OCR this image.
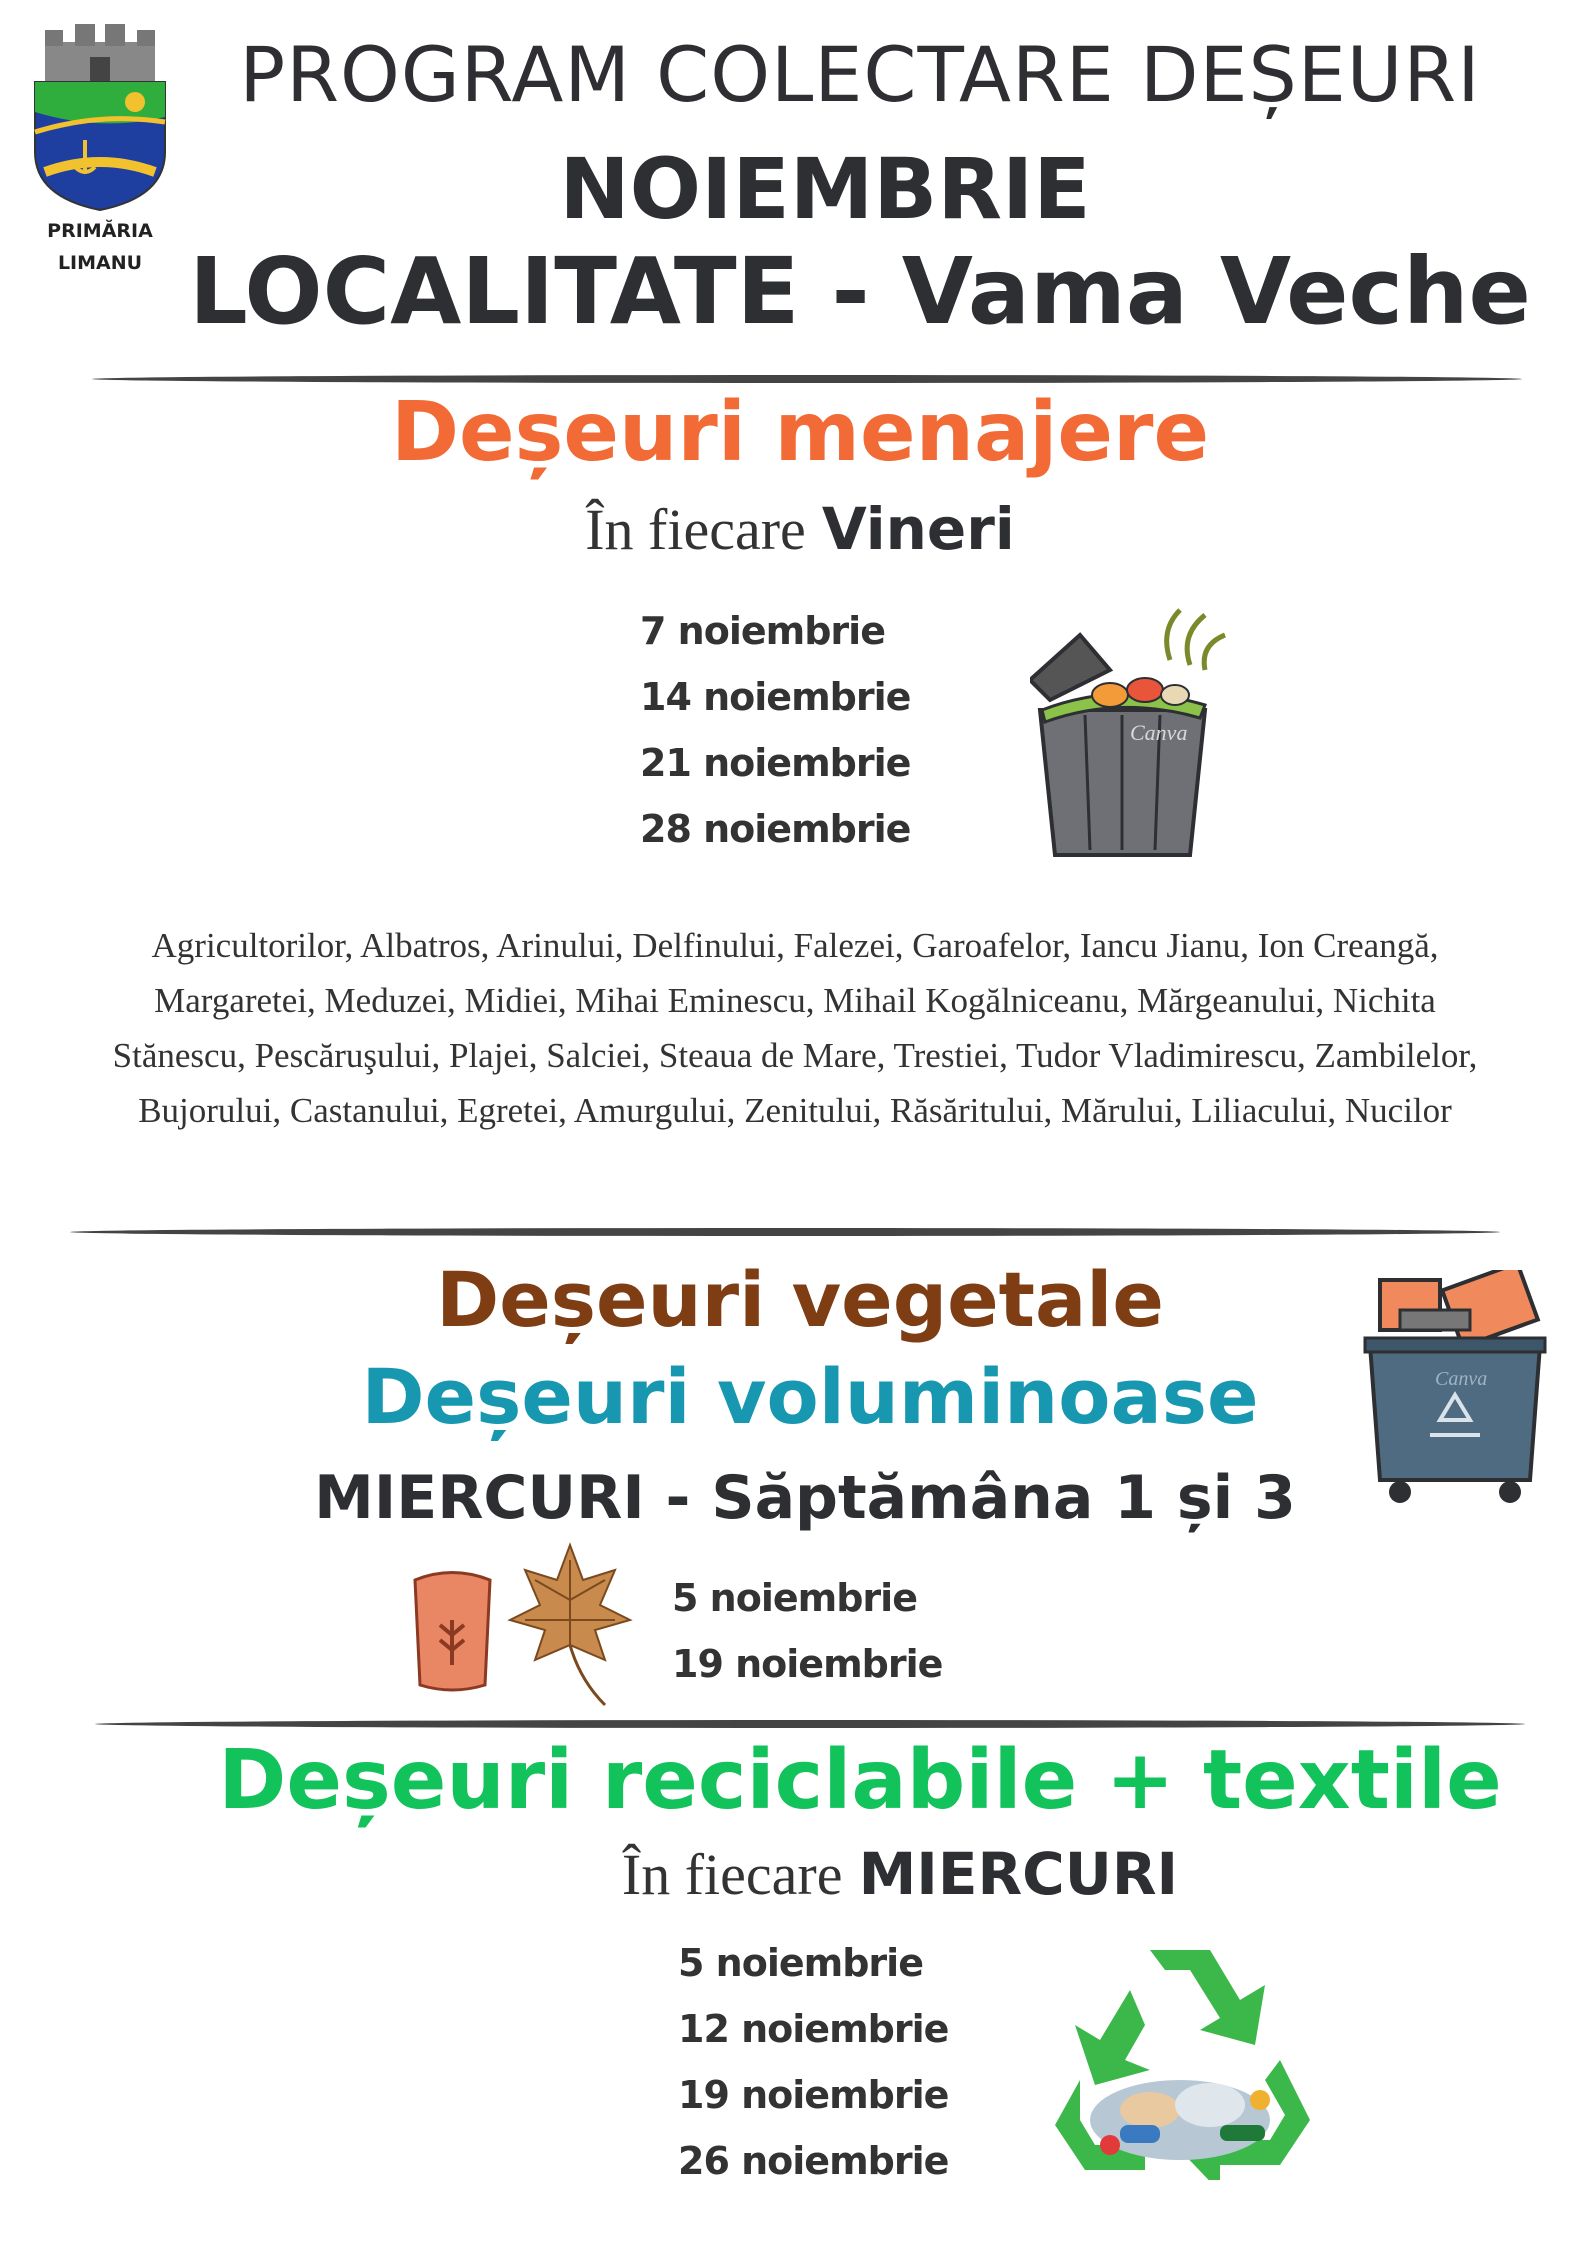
PRIMĂRIA
LIMANU
PROGRAM COLECTARE DEȘEURI
NOIEMBRIE
LOCALITATE - Vama Veche
Deșeuri menajere
În fiecare Vineri
7 noiembrie
14 noiembrie
21 noiembrie
28 noiembrie
Canva
Agricultorilor, Albatros, Arinului, Delfinului, Falezei, Garoafelor, Iancu Jianu, Ion Creangă, Margaretei, Meduzei, Midiei, Mihai Eminescu, Mihail Kogălniceanu, Mărgeanului, Nichita Stănescu, Pescăruşului, Plajei, Salciei, Steaua de Mare, Trestiei, Tudor Vladimirescu, Zambilelor, Bujorului, Castanului, Egretei, Amurgului, Zenitului, Răsăritului, Mărului, Liliacului, Nucilor
Deșeuri vegetale
Deșeuri voluminoase
MIERCURI - Săptămâna 1 și 3
Canva
5 noiembrie
19 noiembrie
Deșeuri reciclabile + textile
În fiecare MIERCURI
5 noiembrie
12 noiembrie
19 noiembrie
26 noiembrie
